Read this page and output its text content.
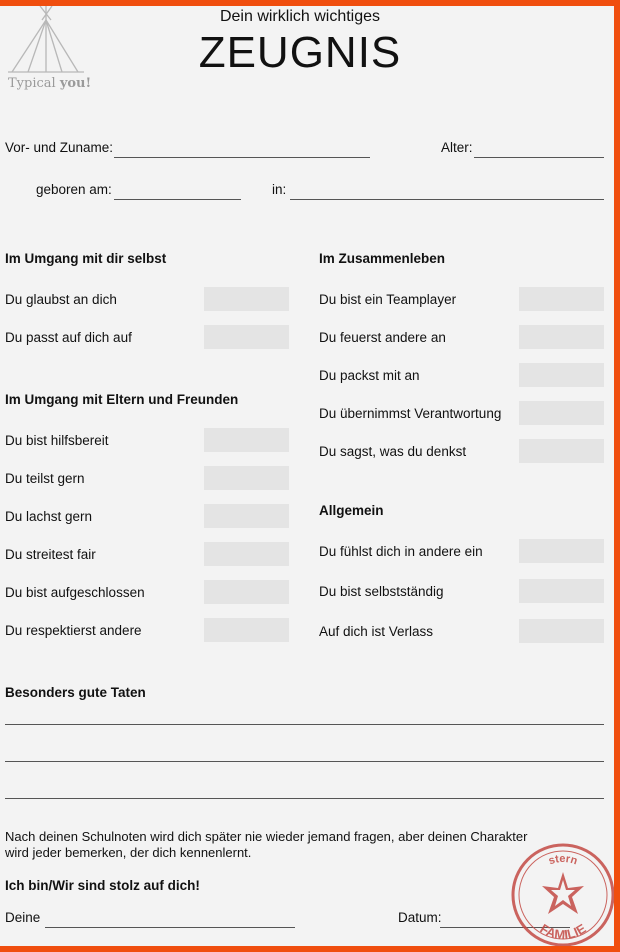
Typical you!
Dein wirklich wichtiges
ZEUGNIS
Vor- und Zuname:	Alter:
geboren am:	in:
Im Umgang mit dir selbst
Du glaubst an dich
Du passt auf dich auf
Im Umgang mit Eltern und Freunden
Du bist hilfsbereit
Du teilst gern
Du lachst gern
Du streitest fair
Du bist aufgeschlossen
Du respektierst andere
Im Zusammenleben
Du bist ein Teamplayer
Du feuerst andere an
Du packst mit an
Du übernimmst Verantwortung
Du sagst, was du denkst
Allgemein
Du fühlst dich in andere ein
Du bist selbstständig
Auf dich ist Verlass
Besonders gute Taten
Nach deinen Schulnoten wird dich später nie wieder jemand fragen, aber deinen Charakter
wird jeder bemerken, der dich kennenlernt.
Ich bin/Wir sind stolz auf dich!
Deine	Datum:
stern
FAMILIE
